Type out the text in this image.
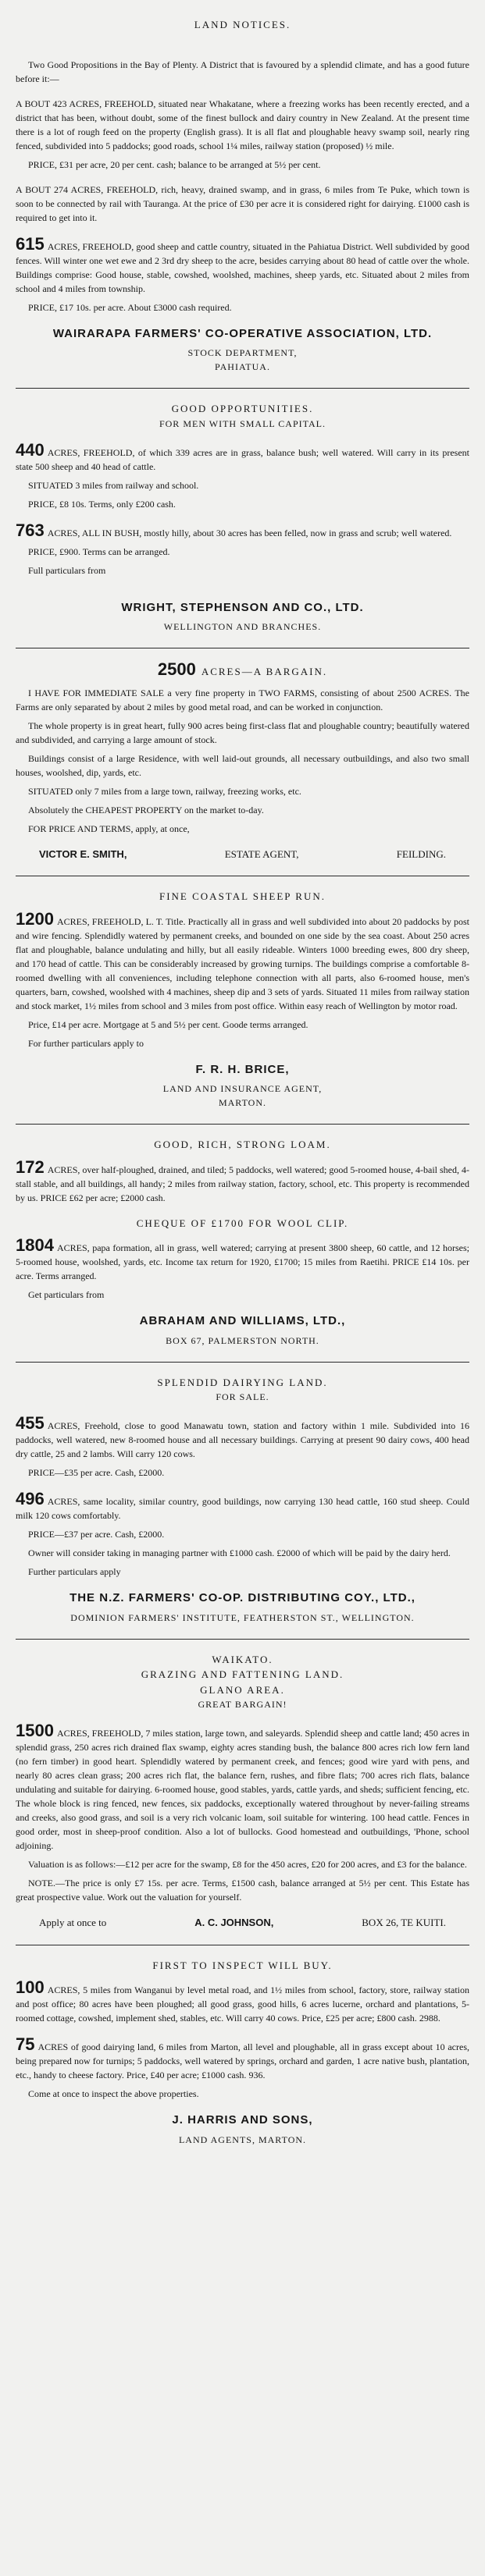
LAND NOTICES.

Two Good Propositions in the Bay of Plenty. A District that is favoured by a splendid climate, and has a good future before it:—

A BOUT 423 ACRES, FREEHOLD, situated near Whakatane, where a freezing works has been recently erected, and a district that has been, without doubt, some of the finest bullock and dairy country in New Zealand. At the present time there is a lot of rough feed on the property (English grass). It is all flat and ploughable heavy swamp soil, nearly ring fenced, subdivided into 5 paddocks; good roads, school 1¼ miles, railway station (proposed) ½ mile.

PRICE, £31 per acre, 20 per cent. cash; balance to be arranged at 5½ per cent.

A BOUT 274 ACRES, FREEHOLD, rich, heavy, drained swamp, and in grass, 6 miles from Te Puke, which town is soon to be connected by rail with Tauranga. At the price of £30 per acre it is considered right for dairying. £1000 cash is required to get into it.

615 ACRES, FREEHOLD, good sheep and cattle country, situated in the Pahiatua District. Well subdivided by good fences. Will winter one wet ewe and 2 3rd dry sheep to the acre, besides carrying about 80 head of cattle over the whole. Buildings comprise: Good house, stable, cowshed, woolshed, machines, sheep yards, etc. Situated about 2 miles from school and 4 miles from township.

PRICE, £17 10s. per acre. About £3000 cash required.
WAIRARAPA FARMERS' CO-OPERATIVE ASSOCIATION, LTD.
STOCK DEPARTMENT,
PAHIATUA.
GOOD OPPORTUNITIES.
FOR MEN WITH SMALL CAPITAL.

440 ACRES, FREEHOLD, of which 339 acres are in grass, balance bush; well watered. Will carry in its present state 500 sheep and 40 head of cattle.

SITUATED 3 miles from railway and school.
PRICE, £8 10s. Terms, only £200 cash.

763 ACRES, ALL IN BUSH, mostly hilly, about 30 acres has been felled, now in grass and scrub; well watered.

PRICE, £900. Terms can be arranged.
Full particulars from
WRIGHT, STEPHENSON AND CO., LTD.
WELLINGTON AND BRANCHES.
2500 ACRES—A BARGAIN.

I HAVE FOR IMMEDIATE SALE a very fine property in TWO FARMS, consisting of about 2500 ACRES. The Farms are only separated by about 2 miles by good metal road, and can be worked in conjunction.

The whole property is in great heart, fully 900 acres being first-class flat and ploughable country; beautifully watered and subdivided, and carrying a large amount of stock.

Buildings consist of a large Residence, with well laid-out grounds, all necessary outbuildings, and also two small houses, woolshed, dip, yards, etc.

SITUATED only 7 miles from a large town, railway, freezing works, etc.

Absolutely the CHEAPEST PROPERTY on the market to-day.

FOR PRICE AND TERMS, apply, at once,

VICTOR E. SMITH,	ESTATE AGENT,	FEILDING.
FINE COASTAL SHEEP RUN.

1200 ACRES, FREEHOLD, L. T. Title. Practically all in grass and well subdivided into about 20 paddocks by post and wire fencing. Splendidly watered by permanent creeks, and bounded on one side by the sea coast. About 250 acres flat and ploughable, balance undulating and hilly, but all easily rideable. Winters 1000 breeding ewes, 800 dry sheep, and 170 head of cattle. This can be considerably increased by growing turnips. The buildings comprise a comfortable 8-roomed dwelling with all conveniences, including telephone connection with all parts, also 6-roomed house, men's quarters, barn, cowshed, woolshed with 4 machines, sheep dip and 3 sets of yards. Situated 11 miles from railway station and stock market, 1½ miles from school and 3 miles from post office. Within easy reach of Wellington by motor road.

Price, £14 per acre. Mortgage at 5 and 5½ per cent. Goode terms arranged.

For further particulars apply to

F. R. H. BRICE,
LAND AND INSURANCE AGENT,
MARTON.
GOOD, RICH, STRONG LOAM.

172 ACRES, over half-ploughed, drained, and tiled; 5 paddocks, well watered; good 5-roomed house, 4-bail shed, 4-stall stable, and all buildings, all handy; 2 miles from railway station, factory, school, etc. This property is recommended by us. PRICE £62 per acre; £2000 cash.

CHEQUE OF £1700 FOR WOOL CLIP.

1804 ACRES, papa formation, all in grass, well watered; carrying at present 3800 sheep, 60 cattle, and 12 horses; 5-roomed house, woolshed, yards, etc. Income tax return for 1920, £1700; 15 miles from Raetihi. PRICE £14 10s. per acre. Terms arranged.

Get particulars from

ABRAHAM AND WILLIAMS, LTD.,
BOX 67, PALMERSTON NORTH.
SPLENDID DAIRYING LAND.
FOR SALE.

455 ACRES, Freehold, close to good Manawatu town, station and factory within 1 mile. Subdivided into 16 paddocks, well watered, new 8-roomed house and all necessary buildings. Carrying at present 90 dairy cows, 400 head dry cattle, 25 and 2 lambs. Will carry 120 cows.

PRICE—£35 per acre. Cash, £2000.

496 ACRES, same locality, similar country, good buildings, now carrying 130 head cattle, 160 stud sheep. Could milk 120 cows comfortably.

PRICE—£37 per acre. Cash, £2000.

Owner will consider taking in managing partner with £1000 cash. £2000 of which will be paid by the dairy herd.

Further particulars apply

THE N.Z. FARMERS' CO-OP. DISTRIBUTING COY., LTD.,
DOMINION FARMERS' INSTITUTE, FEATHERSTON ST., WELLINGTON.
WAIKATO.
GRAZING AND FATTENING LAND.
GLANO AREA.
GREAT BARGAIN!

1500 ACRES, FREEHOLD, 7 miles station, large town, and saleyards. Splendid sheep and cattle land; 450 acres in splendid grass, 250 acres rich drained flax swamp, eighty acres standing bush, the balance 800 acres rich low fern land (no fern timber) in good heart. Splendidly watered by permanent creek, and fences; good wire yard with pens, and nearly 80 acres clean grass; 200 acres rich flat, the balance fern, rushes, and fibre flats; 700 acres rich flats, balance undulating and suitable for dairying. 6-roomed house, good stables, yards, cattle yards, and sheds; sufficient fencing, etc. The whole block is ring fenced, new fences, six paddocks, exceptionally watered throughout by never-failing streams and creeks, also good grass, and soil is a very rich volcanic loam, soil suitable for wintering. 100 head cattle. Fences in good order, most in sheep-proof condition. Also a lot of bullocks. Good homestead and outbuildings, 'Phone, school adjoining.

Valuation is as follows:—£12 per acre for the swamp, £8 for the 450 acres, £20 for 200 acres, and £3 for the balance.

NOTE.—The price is only £7 15s. per acre. Terms, £1500 cash, balance arranged at 5½ per cent. This Estate has great prospective value. Work out the valuation for yourself.

Apply at once to	A. C. JOHNSON,	BOX 26, TE KUITI.
FIRST TO INSPECT WILL BUY.

100 ACRES, 5 miles from Wanganui by level metal road, and 1½ miles from school, factory, store, railway station and post office; 80 acres have been ploughed; all good grass, good hills, 6 acres lucerne, orchard and plantations, 5-roomed cottage, cowshed, implement shed, stables, etc. Will carry 40 cows. Price, £25 per acre; £800 cash. 2988.

75 ACRES of good dairying land, 6 miles from Marton, all level and ploughable, all in grass except about 10 acres, being prepared now for turnips; 5 paddocks, well watered by springs, orchard and garden, 1 acre native bush, plantation, etc., handy to cheese factory. Price, £40 per acre; £1000 cash. 936.

Come at once to inspect the above properties.

J. HARRIS AND SONS,
LAND AGENTS, MARTON.
